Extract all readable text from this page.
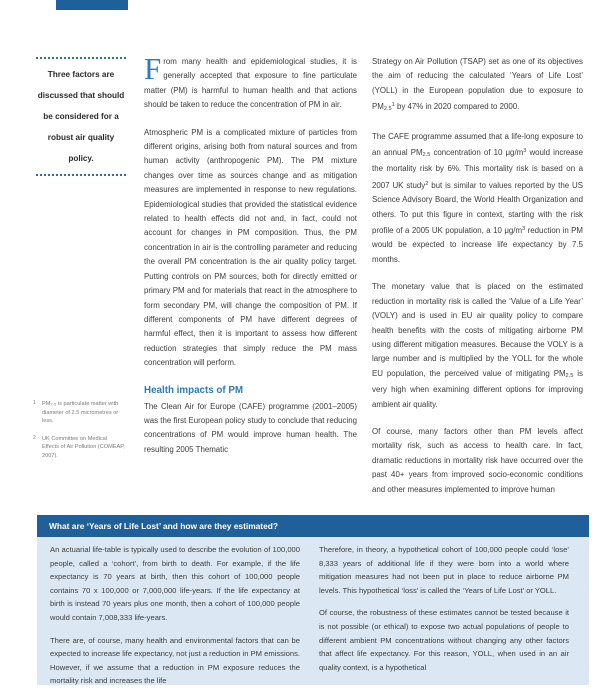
Three factors are
discussed that should
be considered for a
robust air quality
policy.
1 PM₂.₅ is particulate matter with diameter of 2.5 micrometres or less.
2 UK Committee on Medical Effects of Air Pollution (COMEAP, 2007).

From many health and epidemiological studies, it is generally accepted that exposure to fine particulate matter (PM) is harmful to human health and that actions should be taken to reduce the concentration of PM in air.

Atmospheric PM is a complicated mixture of particles from different origins, arising both from natural sources and from human activity (anthropogenic PM). The PM mixture changes over time as sources change and as mitigation measures are implemented in response to new regulations. Epidemiological studies that provided the statistical evidence related to health effects did not and, in fact, could not account for changes in PM composition. Thus, the PM concentration in air is the controlling parameter and reducing the overall PM concentration is the air quality policy target. Putting controls on PM sources, both for directly emitted or primary PM and for materials that react in the atmosphere to form secondary PM, will change the composition of PM. If different components of PM have different degrees of harmful effect, then it is important to assess how different reduction strategies that simply reduce the PM mass concentration will perform.

Health impacts of PM

The Clean Air for Europe (CAFE) programme (2001–2005) was the first European policy study to conclude that reducing concentrations of PM would improve human health. The resulting 2005 Thematic

Strategy on Air Pollution (TSAP) set as one of its objectives the aim of reducing the calculated ‘Years of Life Lost’ (YOLL) in the European population due to exposure to $PM2.5^1$ by 47% in 2020 compared to 2000.

The CAFE programme assumed that a life-long exposure to an annual PM2.5 concentration of 10 $\mu g/m^3$ would increase the mortality risk by 6%. This mortality risk is based on a 2007 UK study$^2$ but is similar to values reported by the US Science Advisory Board, the World Health Organization and others. To put this figure in context, starting with the risk profile of a 2005 UK population, a 10 $\mu g/m^3$ reduction in PM would be expected to increase life expectancy by 7.5 months.

The monetary value that is placed on the estimated reduction in mortality risk is called the ‘Value of a Life Year’ (VOLY) and is used in EU air quality policy to compare health benefits with the costs of mitigating airborne PM using different mitigation measures. Because the VOLY is a large number and is multiplied by the YOLL for the whole EU population, the perceived value of mitigating PM2.5 is very high when examining different options for improving ambient air quality.

Of course, many factors other than PM levels affect mortality risk, such as access to health care. In fact, dramatic reductions in mortality risk have occurred over the past 40+ years from improved socio-economic conditions and other measures implemented to improve human

What are ‘Years of Life Lost’ and how are they estimated?

An actuarial life-table is typically used to describe the evolution of 100,000 people, called a ‘cohort’, from birth to death. For example, if the life expectancy is 70 years at birth, then this cohort of 100,000 people contains 70 x 100,000 or 7,000,000 life-years. If the life expectancy at birth is instead 70 years plus one month, then a cohort of 100,000 people would contain 7,008,333 life-years.

There are, of course, many health and environmental factors that can be expected to increase life expectancy, not just a reduction in PM emissions. However, if we assume that a reduction in PM exposure reduces the mortality risk and increases the life

Therefore, in theory, a hypothetical cohort of 100,000 people could ‘lose’ 8,333 years of additional life if they were born into a world where mitigation measures had not been put in place to reduce airborne PM levels. This hypothetical ‘loss’ is called the ‘Years of Life Lost’ or YOLL.

Of course, the robustness of these estimates cannot be tested because it is not possible (or ethical) to expose two actual populations of people to different ambient PM concentrations without changing any other factors that affect life expectancy. For this reason, YOLL, when used in an air quality context, is a hypothetical
